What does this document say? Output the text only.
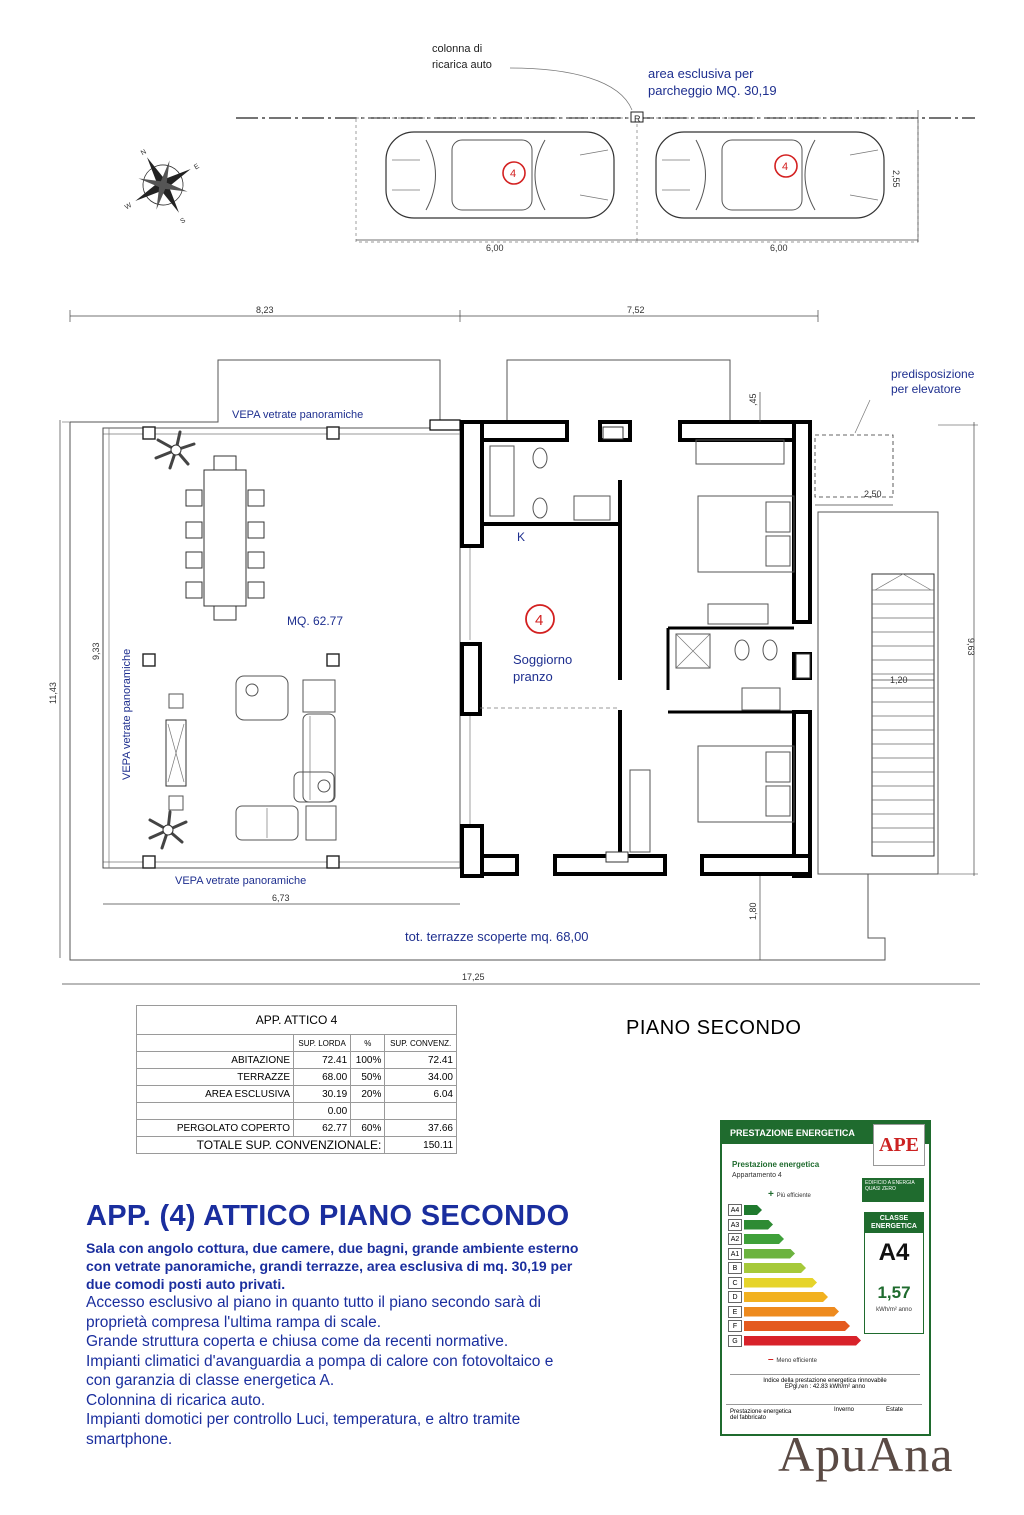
R
colonna di
ricarica auto
area esclusiva per
parcheggio MQ. 30,19
4
4
6,00	6,00
2,55
N
S
E
W
predisposizione
per elevatore
2,50
1,20
VEPA vetrate panoramiche
VEPA vetrate panoramiche
VEPA vetrate panoramiche
MQ. 62.77
K
4
Soggiorno
pranzo
8,23	7,52
11,43
9,33	9,63
,45
1,80
6,73
17,25
tot. terrazze scoperte mq. 68,00
APP. ATTICO 4			
	SUP. LORDA	%	SUP. CONVENZ.
ABITAZIONE	72.41	100%	72.41
TERRAZZE	68.00	50%	34.00
AREA ESCLUSIVA	30.19	20%	6.04
	0.00		
PERGOLATO COPERTO	62.77	60%	37.66
TOTALE SUP. CONVENZIONALE:			150.11
PIANO SECONDO

APP. (4) ATTICO PIANO SECONDO

Sala con angolo cottura, due camere, due bagni, grande ambiente esterno
con vetrate panoramiche, grandi terrazze, area esclusiva di mq. 30,19 per
due comodi posti auto privati.

Accesso esclusivo al piano in quanto tutto il piano secondo sarà di

proprietà compresa l'ultima rampa di scale.

Grande struttura coperta e chiusa come da recenti normative.

Impianti climatici d'avanguardia a pompa di calore con fotovoltaico e

con garanzia di classe energetica A.

Colonnina di ricarica auto.

Impianti domotici per controllo Luci, temperatura, e altro tramite

smartphone.

PRESTAZIONE ENERGETICA
APE
Prestazione energetica
Appartamento 4
+ Più efficiente
EDIFICIO A ENERGIA QUASI ZERO
A4
A3
A2
A1
B
C
D
E
F
G
– Meno efficiente
CLASSE ENERGETICA
A4
1,57
kWh/m² anno
Indice della prestazione energetica rinnovabile
EPgl,ren : 42.83 kWh/m² anno
Prestazione energetica del fabbricato
Inverno	Estate
ApuAna
